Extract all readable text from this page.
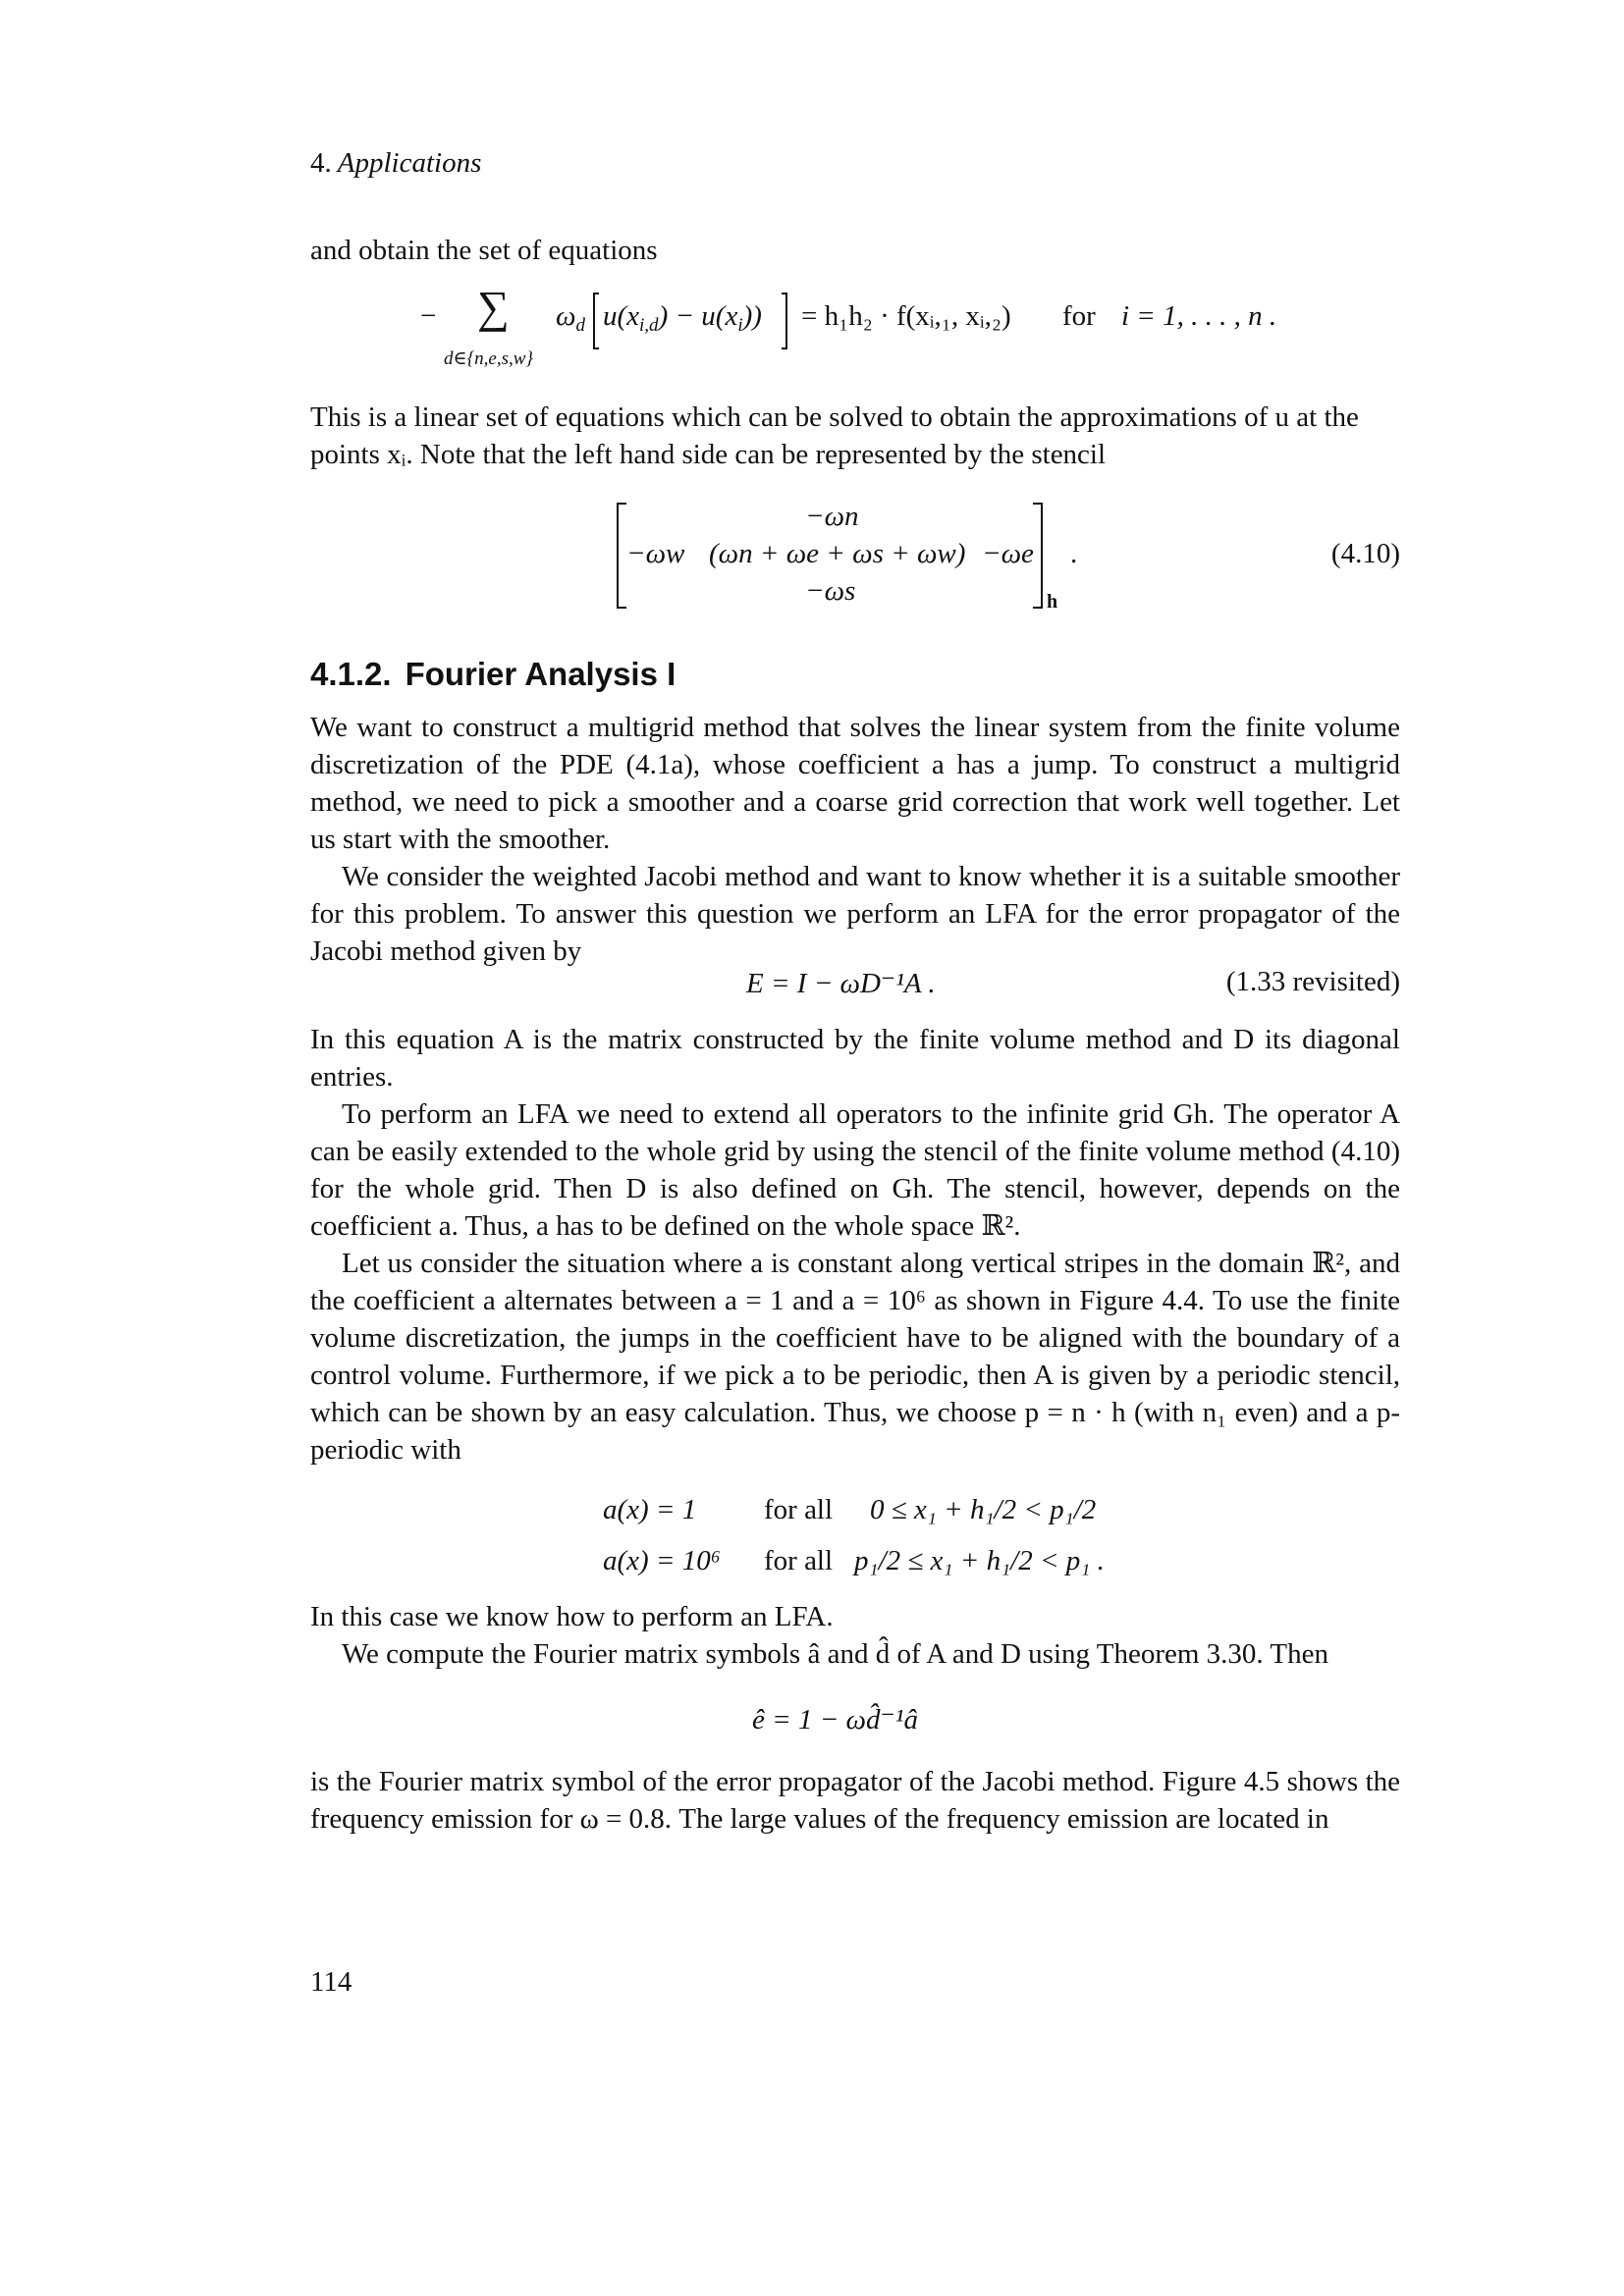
4. Applications
and obtain the set of equations
− ∑
d∈{n,e,s,w}
$\omega_d$ $u(x_{i,d}) - u(x_i)) = h_1h_2$ · f(xᵢ,₁, xᵢ,₂) for i = 1, . . . , n .
This is a linear set of equations which can be solved to obtain the approximations of u at the
points xᵢ. Note that the left hand side can be represented by the stencil
−ωn
−ωw (ωn + ωe + ωs + ωw) −ωe
−ωs	h
.	(4.10)
4.1.2. Fourier Analysis I
We want to construct a multigrid method that solves the linear system from the finite volume discretization of the PDE (4.1a), whose coefficient a has a jump. To construct a multigrid method, we need to pick a smoother and a coarse grid correction that work well together. Let us start with the smoother.
We consider the weighted Jacobi method and want to know whether it is a suitable smoother for this problem. To answer this question we perform an LFA for the error propagator of the Jacobi method given by
E = I − ωD⁻¹A .	(1.33 revisited)
In this equation A is the matrix constructed by the finite volume method and D its diagonal entries.
To perform an LFA we need to extend all operators to the infinite grid Gh. The operator A can be easily extended to the whole grid by using the stencil of the finite volume method (4.10) for the whole grid. Then D is also defined on Gh. The stencil, however, depends on the coefficient a. Thus, a has to be defined on the whole space ℝ².
Let us consider the situation where a is constant along vertical stripes in the domain ℝ², and the coefficient a alternates between a = 1 and a = 10⁶ as shown in Figure 4.4. To use the finite volume discretization, the jumps in the coefficient have to be aligned with the boundary of a control volume. Furthermore, if we pick a to be periodic, then A is given by a periodic stencil, which can be shown by an easy calculation. Thus, we choose p = n · h (with n₁ even) and a p-periodic with
a(x) = 1 for all 0 ≤ x₁ + h₁/2 < p₁/2
a(x) = 10⁶ for all p₁/2 ≤ x₁ + h₁/2 < p₁ .
In this case we know how to perform an LFA.
We compute the Fourier matrix symbols â and d̂ of A and D using Theorem 3.30. Then
ê = 1 − ωd̂⁻¹â
is the Fourier matrix symbol of the error propagator of the Jacobi method. Figure 4.5 shows the frequency emission for ω = 0.8. The large values of the frequency emission are located in
114
